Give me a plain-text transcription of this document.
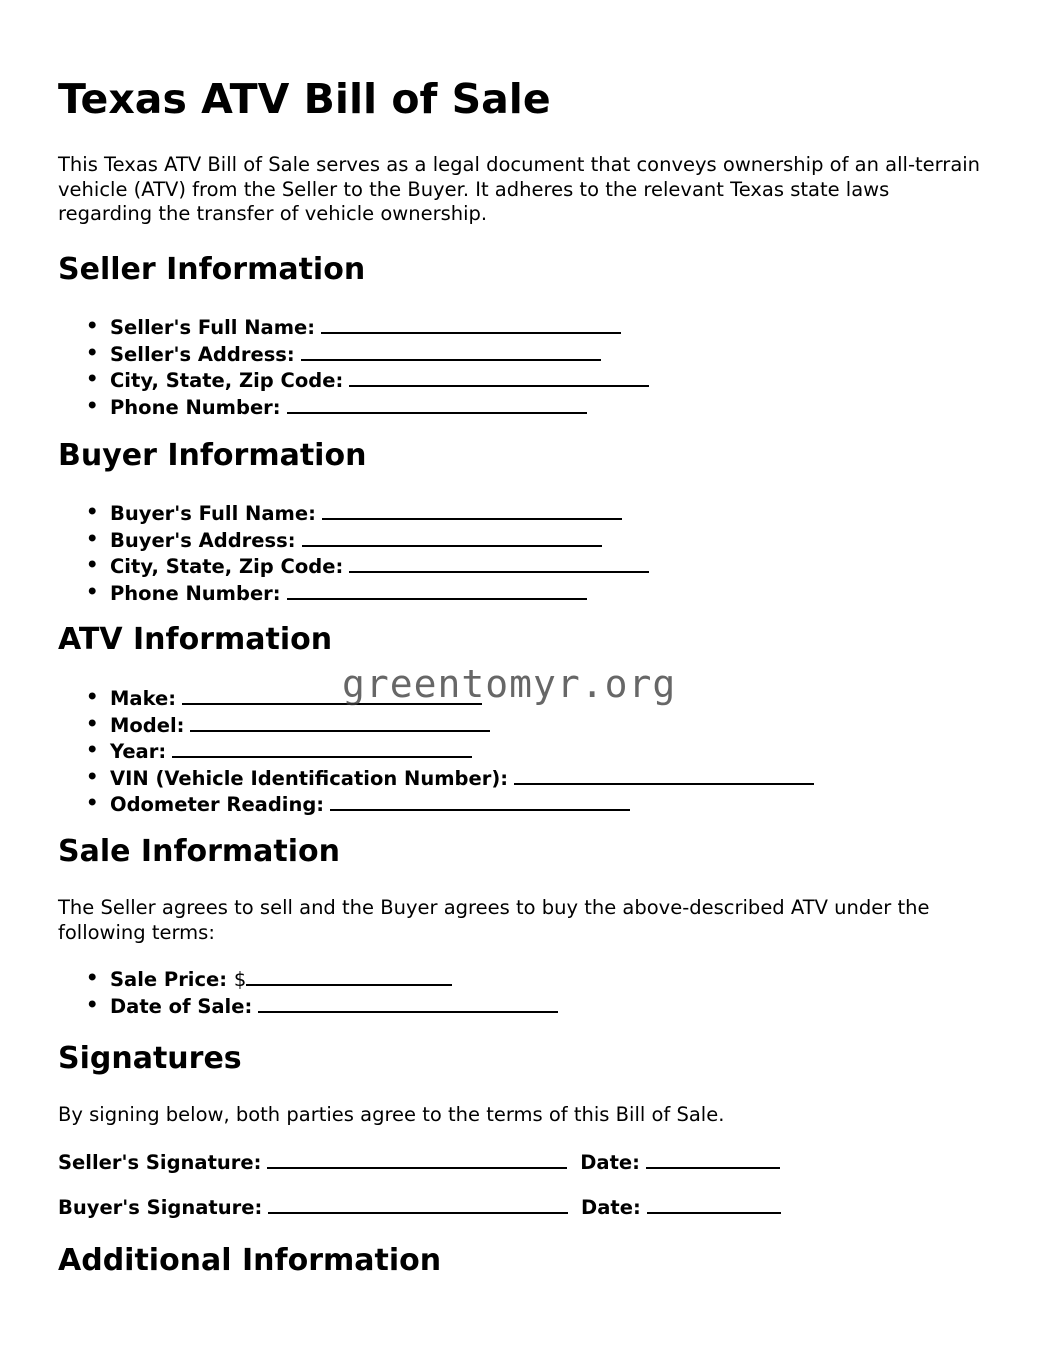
Texas ATV Bill of Sale

This Texas ATV Bill of Sale serves as a legal document that conveys ownership of an all-terrain vehicle (ATV) from the Seller to the Buyer. It adheres to the relevant Texas state laws regarding the transfer of vehicle ownership.

Seller Information
• Seller's Full Name:
• Seller's Address:
• City, State, Zip Code:
• Phone Number:
Buyer Information
• Buyer's Full Name:
• Buyer's Address:
• City, State, Zip Code:
• Phone Number:
ATV Information
• Make:
• Model:
• Year:
• VIN (Vehicle Identification Number):
• Odometer Reading:
Sale Information

The Seller agrees to sell and the Buyer agrees to buy the above-described ATV under the following terms:

• Sale Price: $
• Date of Sale:
Signatures

By signing below, both parties agree to the terms of this Bill of Sale.

Seller's Signature:	Date:
Buyer's Signature:	Date:
Additional Information
greentomyr.org
